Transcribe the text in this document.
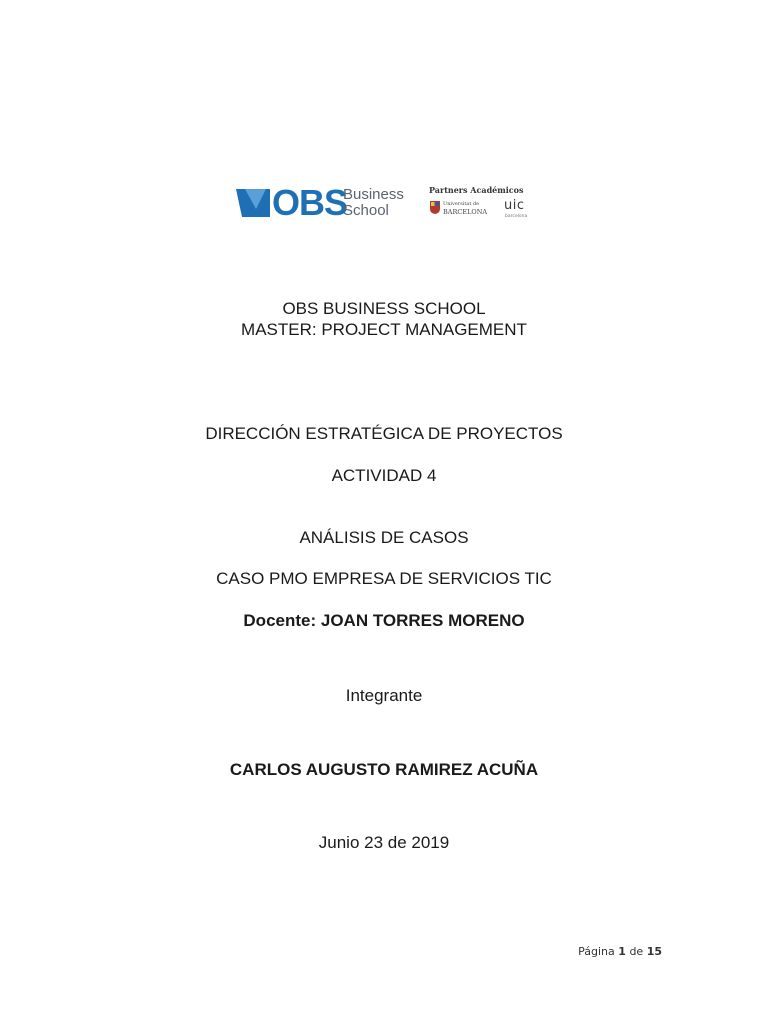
OBS
Business
School
Partners Académicos
Universitat de
BARCELONA uic
barcelona
OBS BUSINESS SCHOOL
MASTER: PROJECT MANAGEMENT
DIRECCIÓN ESTRATÉGICA DE PROYECTOS
ACTIVIDAD 4
ANÁLISIS DE CASOS
CASO PMO EMPRESA DE SERVICIOS TIC
Docente: JOAN TORRES MORENO
Integrante
CARLOS AUGUSTO RAMIREZ ACUÑA
Junio 23 de 2019
Página 1 de 15
